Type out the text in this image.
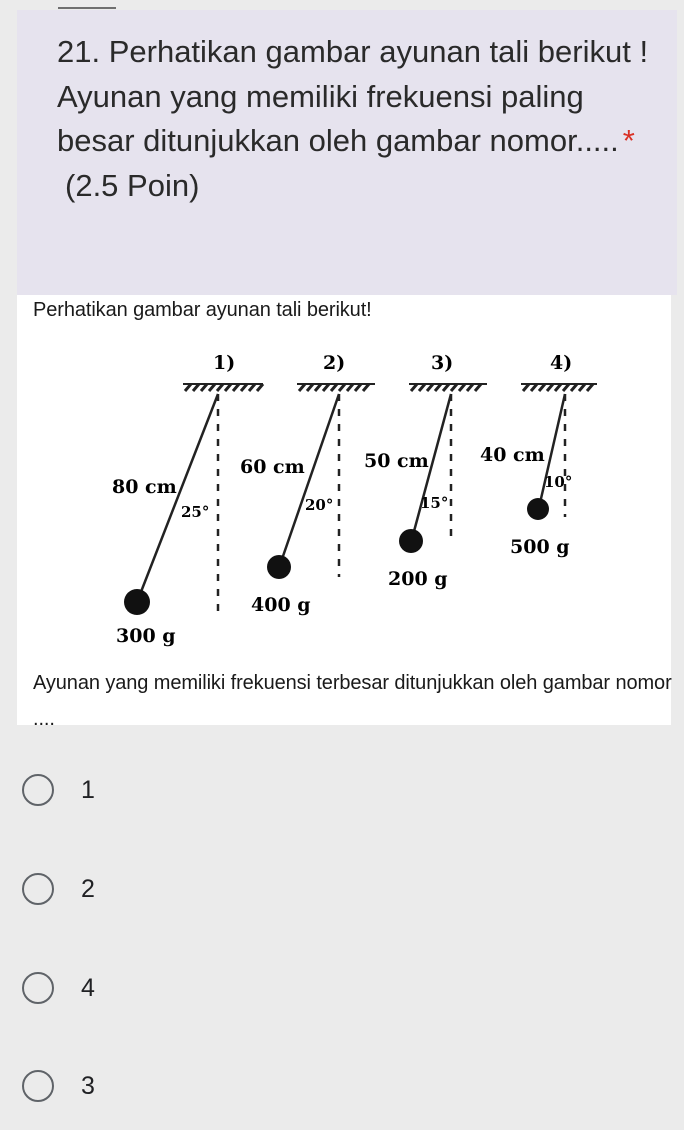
21. Perhatikan gambar ayunan tali berikut !
Ayunan yang memiliki frekuensi paling besar ditunjukkan oleh gambar nomor..... *(2.5 Poin)
Perhatikan gambar ayunan tali berikut!
1)
80 cm
25°
300 g
2)
60 cm
20°
400 g
3)
50 cm
15°
200 g
4)
40 cm
10°
500 g
Ayunan yang memiliki frekuensi terbesar ditunjukkan oleh gambar nomor ....
1
2
4
3
